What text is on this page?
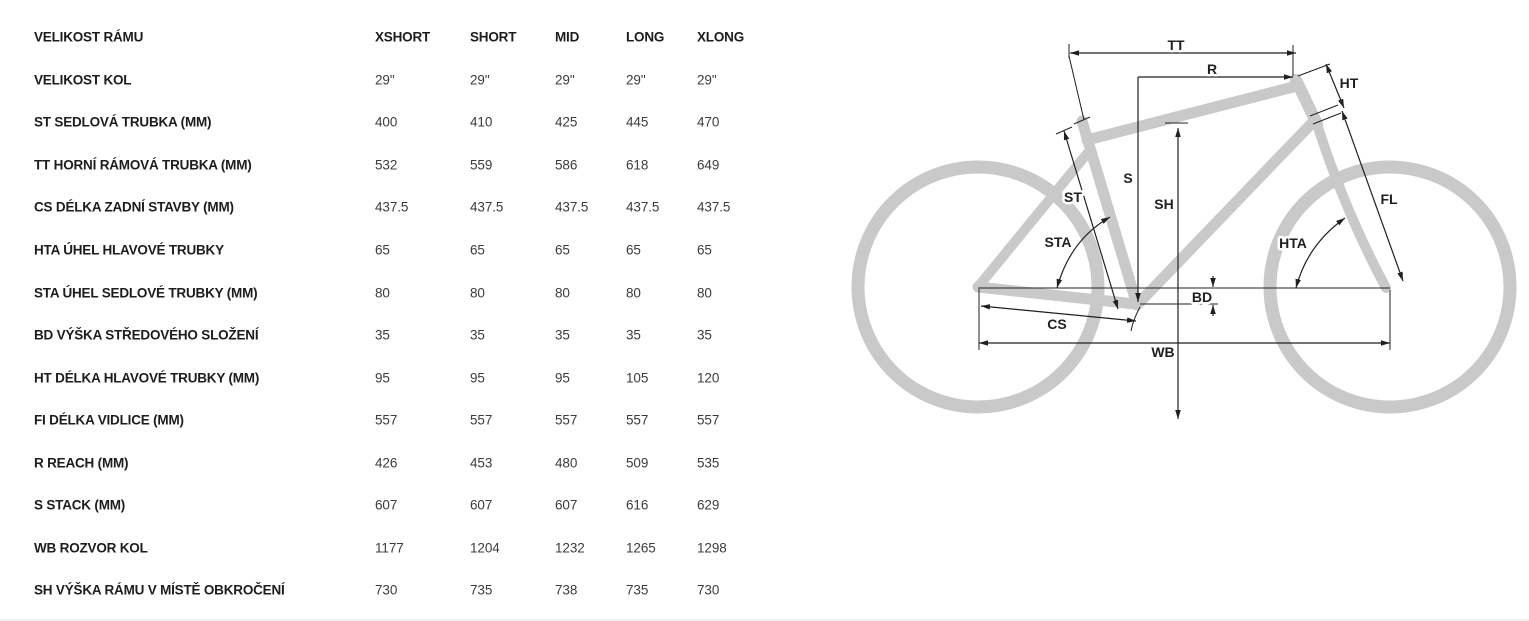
VELIKOST RÁMU	XSHORT	SHORT	MID	LONG XLONG
VELIKOST KOL	29"	29"	29"	29"	29"
ST SEDLOVÁ TRUBKA (MM)	400	410	425	445	470
TT HORNÍ RÁMOVÁ TRUBKA (MM)	532	559	586	618	649
CS DÉLKA ZADNÍ STAVBY (MM)	437.5	437.5	437.5	437.5	437.5
HTA ÚHEL HLAVOVÉ TRUBKY	65	65	65	65	65
STA ÚHEL SEDLOVÉ TRUBKY (MM)	80	80	80	80	80
BD VÝŠKA STŘEDOVÉHO SLOŽENÍ	35	35	35	35	35
HT DÉLKA HLAVOVÉ TRUBKY (MM)	95	95	95	105	120
FI DÉLKA VIDLICE (MM)	557	557	557	557	557
R REACH (MM)	426	453	480	509	535
S STACK (MM)	607	607	607	616	629
WB ROZVOR KOL	1177	1204	1232	1265	1298
SH VÝŠKA RÁMU V MÍSTĚ OBKROČENÍ	730	735	738	735	730
TT
R
HT
ST
S
SH
STA	HTA
FL
BD
CS
WB
